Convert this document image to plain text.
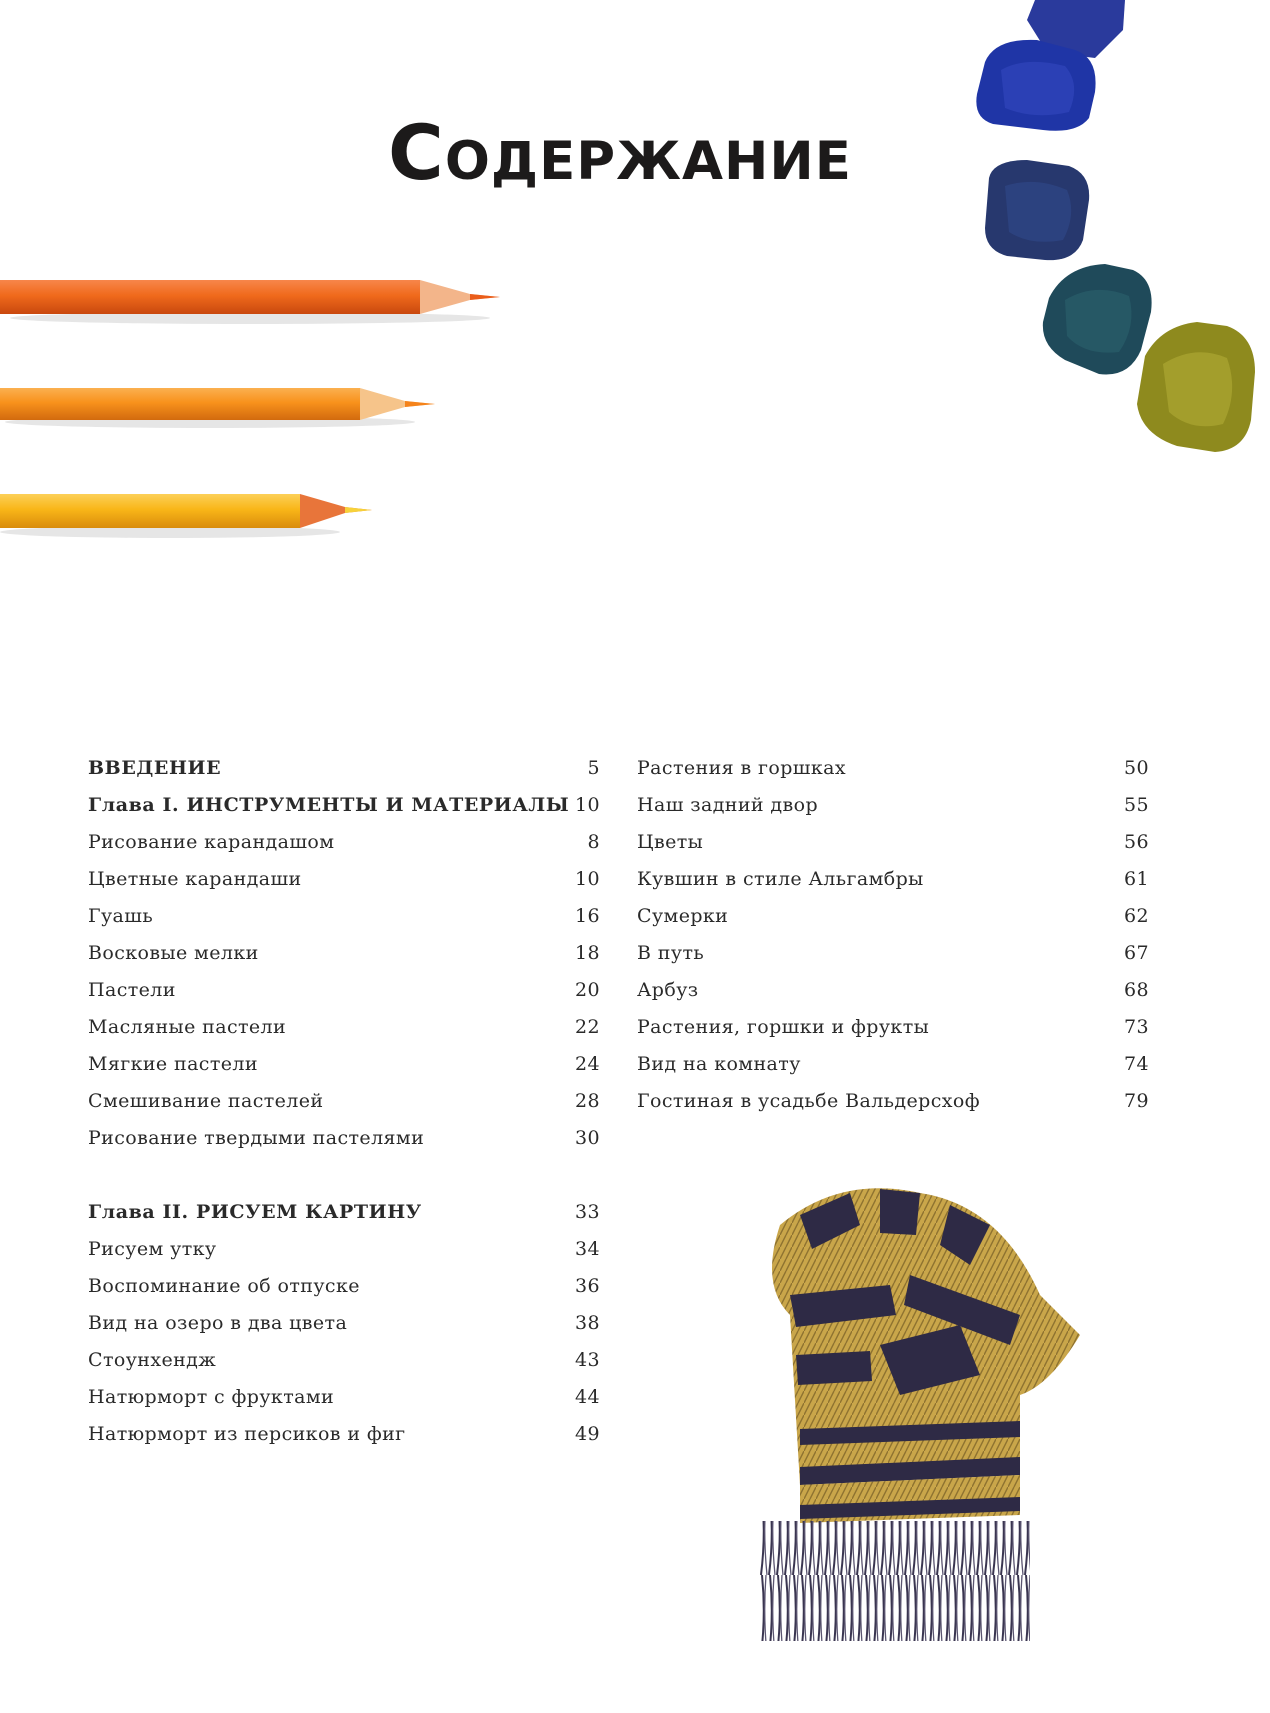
Содержание
ВВЕДЕНИЕ	5
Глава I. ИНСТРУМЕНТЫ И МАТЕРИАЛЫ 10
Рисование карандашом	8
Цветные карандаши	10
Гуашь	16
Восковые мелки	18
Пастели	20
Масляные пастели	22
Мягкие пастели	24
Смешивание пастелей	28
Рисование твердыми пастелями	30
Глава II. РИСУЕМ КАРТИНУ	33
Рисуем утку	34
Воспоминание об отпуске	36
Вид на озеро в два цвета	38
Стоунхендж	43
Натюрморт с фруктами	44
Натюрморт из персиков и фиг	49
Растения в горшках	50
Наш задний двор	55
Цветы	56
Кувшин в стиле Альгамбры	61
Сумерки	62
В путь	67
Арбуз	68
Растения, горшки и фрукты	73
Вид на комнату	74
Гостиная в усадьбе Вальдерсхоф	79
